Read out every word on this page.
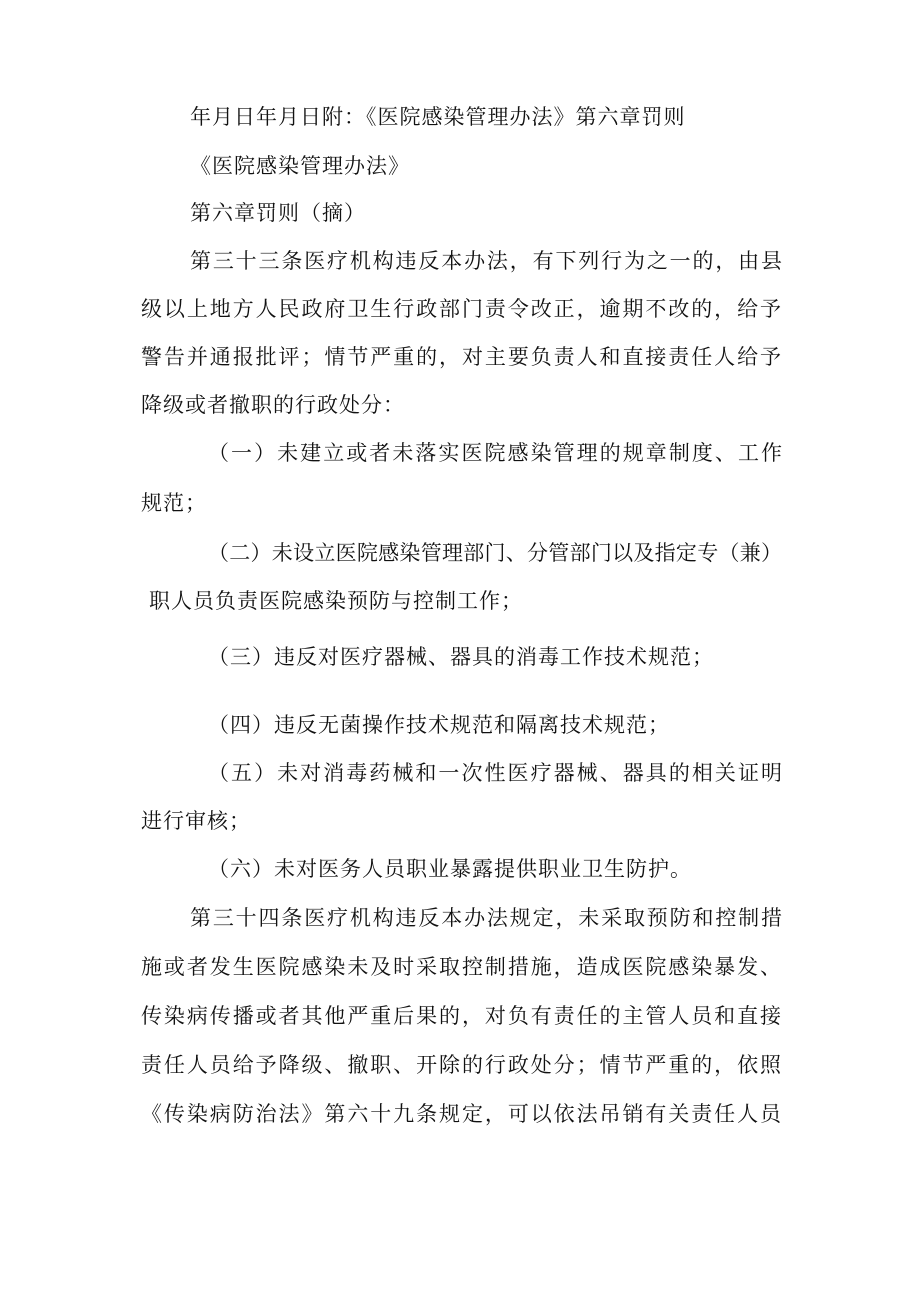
年月日年月日附：《医院感染管理办法》第六章罚则
《医院感染管理办法》
第六章罚则（摘）
第三十三条医疗机构违反本办法，有下列行为之一的，由县
级以上地方人民政府卫生行政部门责令改正，逾期不改的，给予
警告并通报批评；情节严重的，对主要负责人和直接责任人给予
降级或者撤职的行政处分：
（一）未建立或者未落实医院感染管理的规章制度、工作
规范；
（二）未设立医院感染管理部门、分管部门以及指定专（兼）
职人员负责医院感染预防与控制工作；
（三）违反对医疗器械、器具的消毒工作技术规范；
（四）违反无菌操作技术规范和隔离技术规范；
（五）未对消毒药械和一次性医疗器械、器具的相关证明
进行审核；
（六）未对医务人员职业暴露提供职业卫生防护。
第三十四条医疗机构违反本办法规定，未采取预防和控制措
施或者发生医院感染未及时采取控制措施，造成医院感染暴发、
传染病传播或者其他严重后果的，对负有责任的主管人员和直接
责任人员给予降级、撤职、开除的行政处分；情节严重的，依照
《传染病防治法》第六十九条规定，可以依法吊销有关责任人员
